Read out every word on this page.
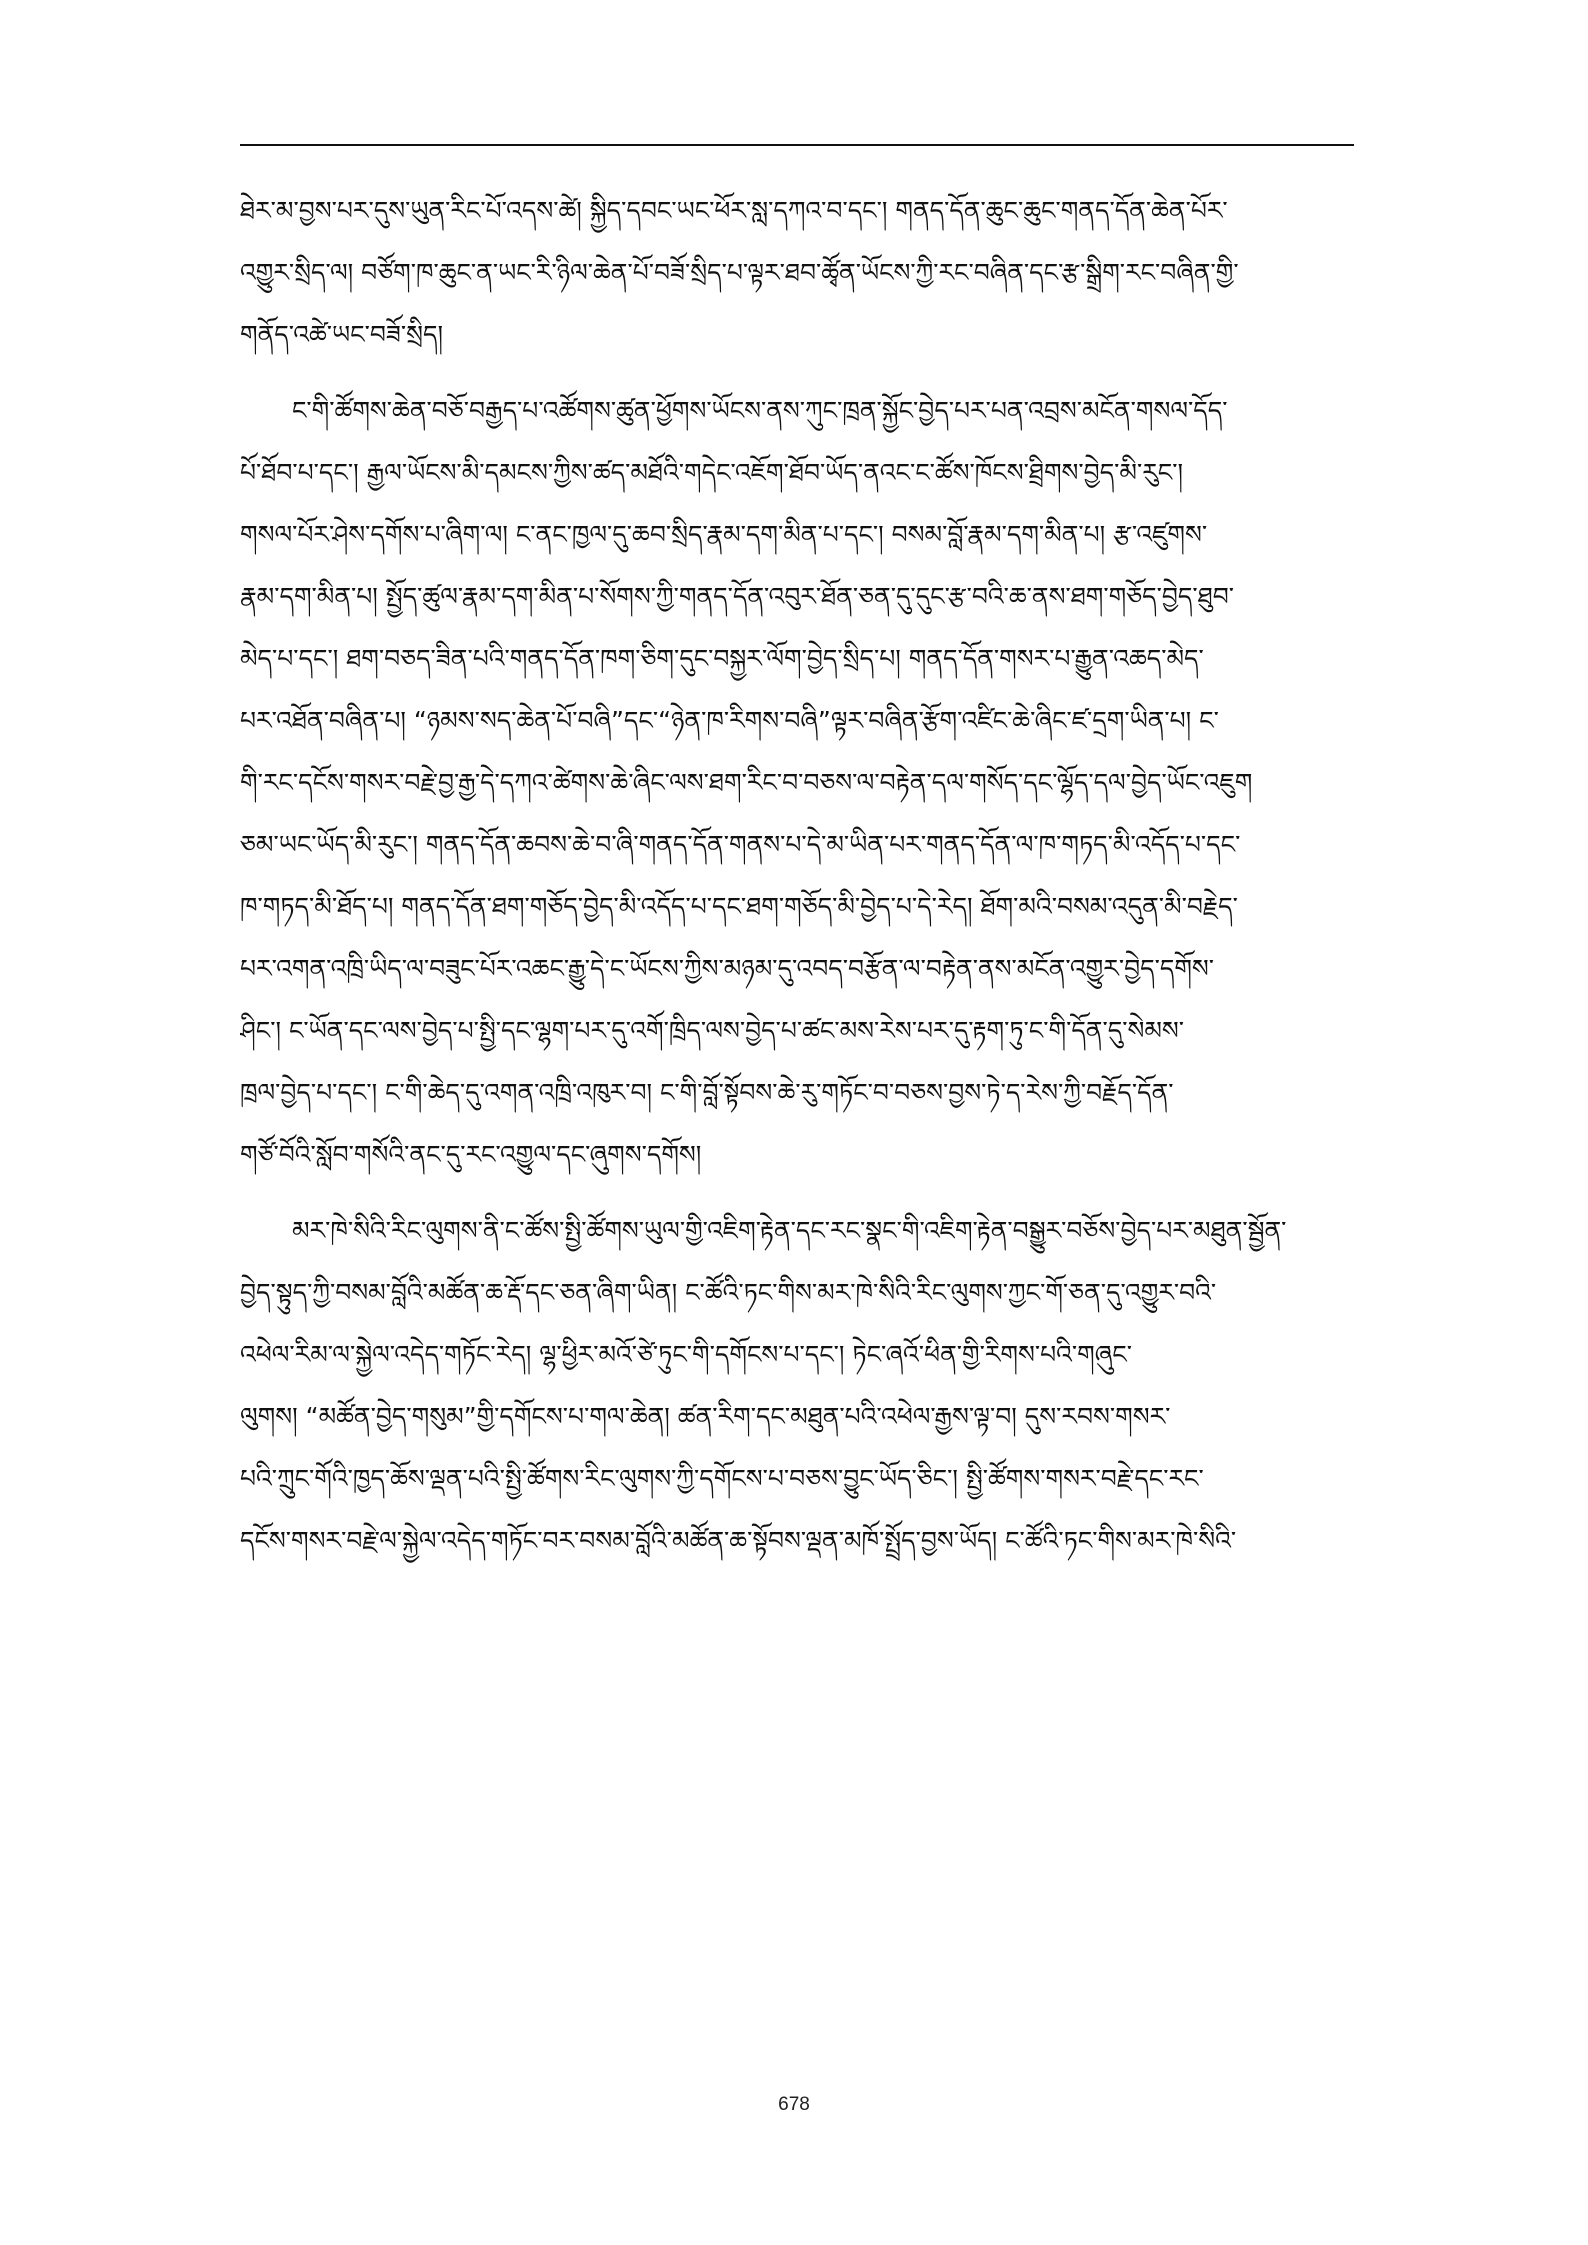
ཐེར་མ་བྱས་པར་དུས་ཡུན་རིང་པོ་འདས་ཚེ། སྐྱིད་དབང་ཡང་ཕོར་སླ་དཀའ་བ་དང་། གནད་དོན་ཆུང་ཆུང་གནད་དོན་ཆེན་པོར་
འགྱུར་སྲིད་ལ། བཙོག་ཁ་ཆུང་ན་ཡང་རི་ཉིལ་ཆེན་པོ་བཟོ་སྲིད་པ་ལྟར་ཐབ་ཚྭོན་ཡོངས་ཀྱི་རང་བཞིན་དང་རྩ་སྒྲིག་རང་བཞིན་གྱི་
གནོད་འཚེ་ཡང་བཟོ་སྲིད།
ང་གི་ཚོགས་ཆེན་བཅོ་བརྒྱད་པ་འཚོགས་ཚུན་ཕྱོགས་ཡོངས་ནས་ཀུང་ཁྲན་སྐྱོང་བྱེད་པར་པན་འབྲས་མངོན་གསལ་དོད་
པོ་ཐོབ་པ་དང་། རྒྱལ་ཡོངས་མི་དམངས་ཀྱིས་ཚད་མཐོའི་གདེང་འཇོག་ཐོབ་ཡོད་ནའང་ང་ཚོས་ཁོངས་ཐྲིགས་བྱེད་མི་རུང་།
གསལ་པོར་ཤེས་དགོས་པ་ཞིག་ལ། ང་ནང་ཁྱལ་དུ་ཆབ་སྲིད་རྣམ་དག་མིན་པ་དང་། བསམ་བློ་རྣམ་དག་མིན་པ། རྩ་འཛུགས་
རྣམ་དག་མིན་པ། སྤྱོད་ཚུལ་རྣམ་དག་མིན་པ་སོགས་ཀྱི་གནད་དོན་འབུར་ཐོན་ཅན་དུ་དུང་རྩ་བའི་ཆ་ནས་ཐག་གཅོད་བྱེད་ཐུབ་
མེད་པ་དང་། ཐག་བཅད་ཟིན་པའི་གནད་དོན་ཁག་ཅིག་དུང་བསྐྱར་ལོག་བྱེད་སྲིད་པ། གནད་དོན་གསར་པ་རྒྱུན་འཆད་མེད་
པར་འཐོན་བཞིན་པ། “ཉམས་སད་ཆེན་པོ་བཞི”དང་“ཉེན་ཁ་རིགས་བཞི”ལྟར་བཞིན་རྩོག་འཛིང་ཆེ་ཞིང་ཛ་དྲག་ཡིན་པ། ང་
གི་རང་དངོས་གསར་བརྗེ་བྱ་རྒྱ་དེ་དཀའ་ཚེགས་ཆེ་ཞིང་ལས་ཐག་རིང་བ་བཅས་ལ་བརྟེན་དལ་གསོད་དང་ལྷོད་དལ་བྱེད་ཡོང་འཇུག
ཅམ་ཡང་ཡོད་མི་རུང་། གནད་དོན་ཆབས་ཆེ་བ་ཞི་གནད་དོན་གནས་པ་དེ་མ་ཡིན་པར་གནད་དོན་ལ་ཁ་གཏད་མི་འདོད་པ་དང་
ཁ་གཏད་མི་ཐོད་པ། གནད་དོན་ཐག་གཅོད་བྱེད་མི་འདོད་པ་དང་ཐག་གཅོད་མི་བྱེད་པ་དེ་རེད། ཐོག་མའི་བསམ་འདུན་མི་བརྗེད་
པར་འགན་འཁྲི་ཡིད་ལ་བཟུང་པོར་འཆང་རྒྱུ་དེ་ང་ཡོངས་ཀྱིས་མཉམ་དུ་འབད་བརྩོན་ལ་བརྟེན་ནས་མངོན་འགྱུར་བྱེད་དགོས་
ཤིང་། ང་ཡོན་དང་ལས་བྱེད་པ་སྤྱི་དང་ལྷག་པར་དུ་འགོ་ཁྲིད་ལས་བྱེད་པ་ཚང་མས་རེས་པར་དུ་རྟག་ཏུ་ང་གི་དོན་དུ་སེམས་
ཁྲལ་བྱེད་པ་དང་། ང་གི་ཆེད་དུ་འགན་འཁྲི་འཁུར་བ། ང་གི་བློ་སྟོབས་ཆེ་རུ་གཏོང་བ་བཅས་བྱས་ཏེ་ད་རེས་ཀྱི་བརྗོད་དོན་
གཙོ་བོའི་སློབ་གསོའི་ནང་དུ་རང་འགྱུལ་དང་ཞུགས་དགོས།
མར་ཁེ་སིའི་རིང་ལུགས་ནི་ང་ཚོས་སྤྱི་ཚོགས་ཡུལ་གྱི་འཇིག་རྟེན་དང་རང་སྣང་གི་འཇིག་རྟེན་བསྒྱུར་བཅོས་བྱེད་པར་མཐུན་སྦྱོན་
བྱེད་སྟུད་ཀྱི་བསམ་བློའི་མཚོན་ཆ་རྡོ་དང་ཅན་ཞིག་ཡིན། ང་ཚོའི་ཏང་གིས་མར་ཁེ་སིའི་རིང་ལུགས་ཀྱང་གོ་ཅན་དུ་འགྱུར་བའི་
འཕེལ་རིམ་ལ་སྐྱེལ་འདེད་གཏོང་རེད། ལྷ་ཕྱིར་མའོ་ཙེ་ཏུང་གི་དགོངས་པ་དང་། ཏེང་ཞའོ་ཕིན་གྱི་རིགས་པའི་གཞུང་
ལུགས། “མཚོན་བྱེད་གསུམ”གྱི་དགོངས་པ་གལ་ཆེན། ཚན་རིག་དང་མཐུན་པའི་འཕེལ་རྒྱས་ལྟ་བ། དུས་རབས་གསར་
པའི་ཀྲུང་གོའི་ཁྱད་ཆོས་ལྡན་པའི་སྤྱི་ཚོགས་རིང་ལུགས་ཀྱི་དགོངས་པ་བཅས་བྱུང་ཡོད་ཅིང་། སྤྱི་ཚོགས་གསར་བརྗེ་དང་རང་
དངོས་གསར་བརྗེ་ལ་སྐྱེལ་འདེད་གཏོང་བར་བསམ་བློའི་མཚོན་ཆ་སྟོབས་ལྡན་མཁོ་སྤྲོད་བྱས་ཡོད། ང་ཚོའི་ཏང་གིས་མར་ཁེ་སིའི་
678
